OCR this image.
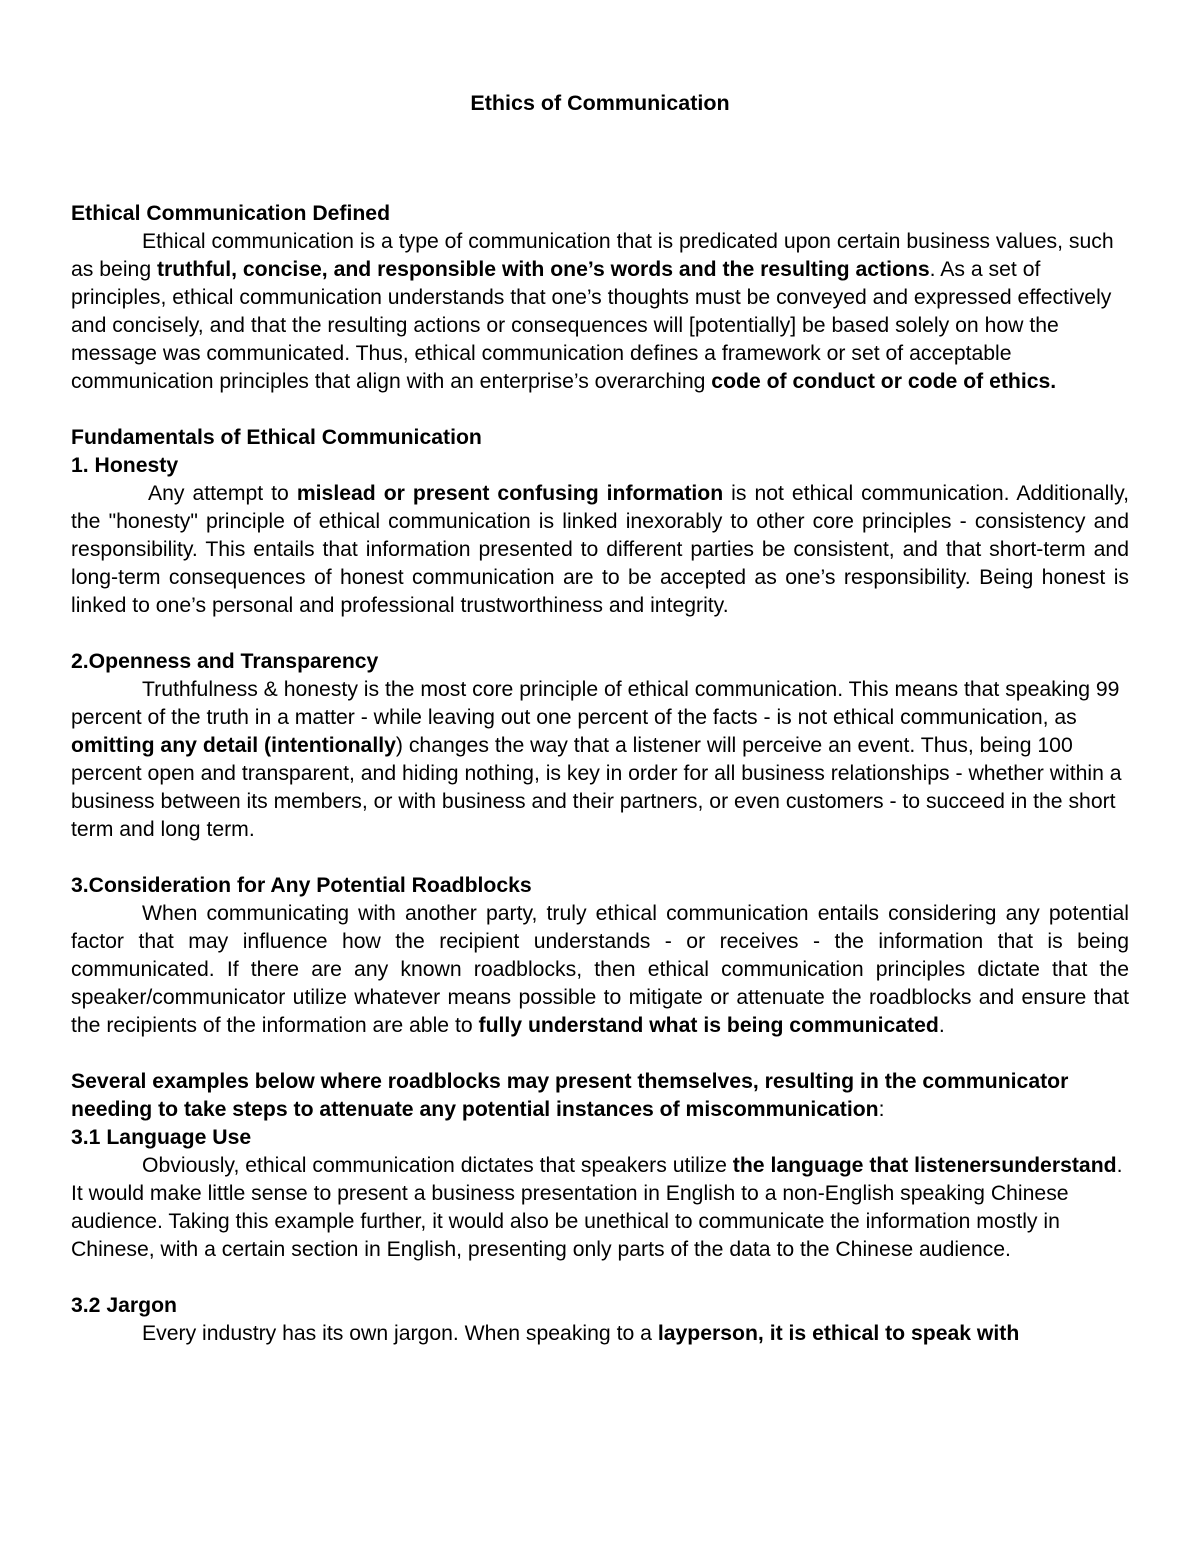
Ethics of Communication

Ethical Communication Defined

Ethical communication is a type of communication that is predicated upon certain business values, such as being truthful, concise, and responsible with one’s words and the resulting actions. As a set of principles, ethical communication understands that one’s thoughts must be conveyed and expressed effectively and concisely, and that the resulting actions or consequences will [potentially] be based solely on how the message was communicated. Thus, ethical communication defines a framework or set of acceptable communication principles that align with an enterprise’s overarching code of conduct or code of ethics.

Fundamentals of Ethical Communication

1. Honesty

Any attempt to mislead or present confusing information is not ethical communication. Additionally, the "honesty" principle of ethical communication is linked inexorably to other core principles - consistency and responsibility. This entails that information presented to different parties be consistent, and that short-term and long-term consequences of honest communication are to be accepted as one’s responsibility. Being honest is linked to one’s personal and professional trustworthiness and integrity.

2.Openness and Transparency

Truthfulness & honesty is the most core principle of ethical communication. This means that speaking 99 percent of the truth in a matter - while leaving out one percent of the facts - is not ethical communication, as omitting any detail (intentionally) changes the way that a listener will perceive an event. Thus, being 100 percent open and transparent, and hiding nothing, is key in order for all business relationships - whether within a business between its members, or with business and their partners, or even customers - to succeed in the short term and long term.

3.Consideration for Any Potential Roadblocks

When communicating with another party, truly ethical communication entails considering any potential factor that may influence how the recipient understands - or receives - the information that is being communicated. If there are any known roadblocks, then ethical communication principles dictate that the speaker/communicator utilize whatever means possible to mitigate or attenuate the roadblocks and ensure that the recipients of the information are able to fully understand what is being communicated.

Several examples below where roadblocks may present themselves, resulting in the communicator needing to take steps to attenuate any potential instances of miscommunication:

3.1 Language Use

Obviously, ethical communication dictates that speakers utilize the language that listenersunderstand. It would make little sense to present a business presentation in English to a non-English speaking Chinese audience. Taking this example further, it would also be unethical to communicate the information mostly in Chinese, with a certain section in English, presenting only parts of the data to the Chinese audience.

3.2 Jargon

Every industry has its own jargon. When speaking to a layperson, it is ethical to speak with
